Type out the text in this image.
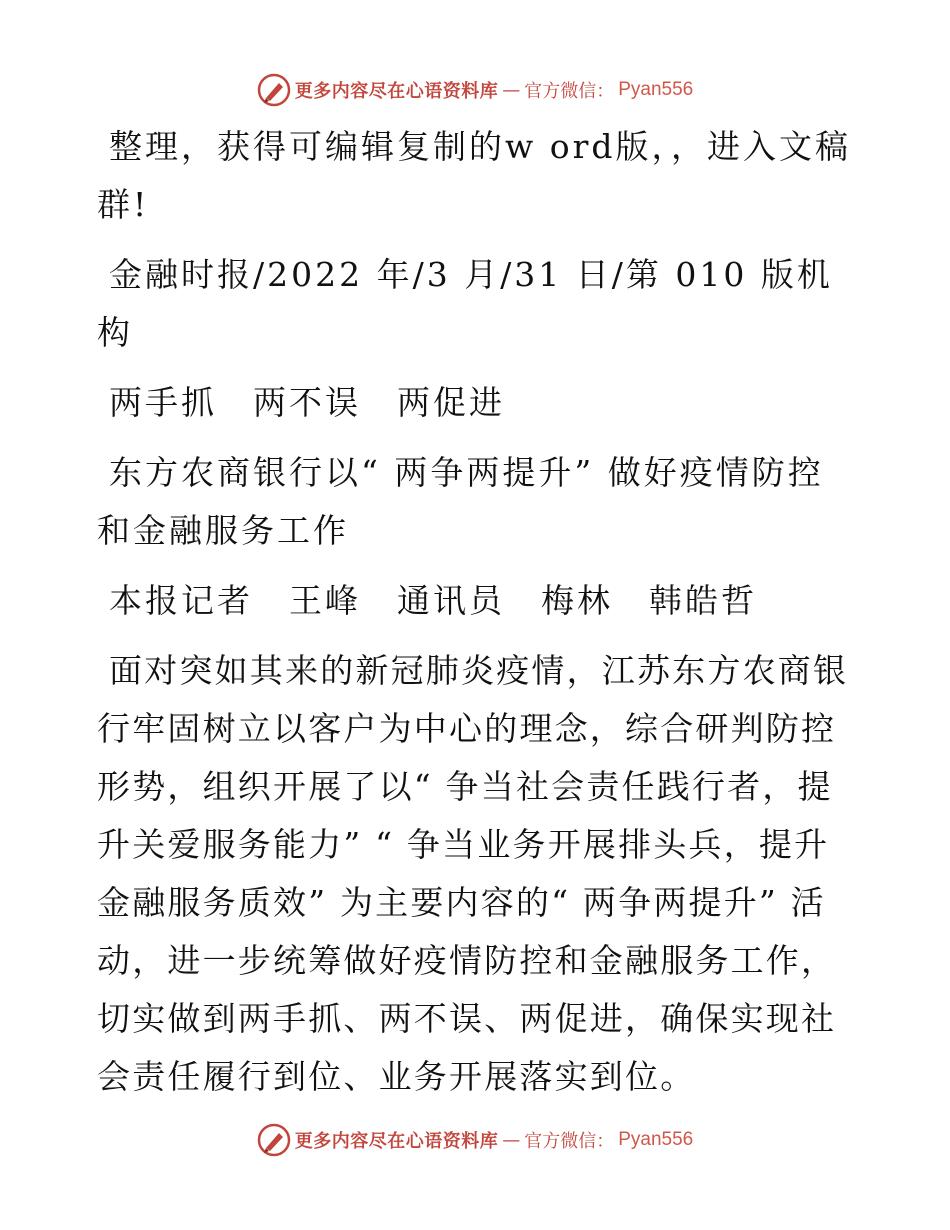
更多内容尽在心语资料库 — 官方微信： Pyan556

整理，获得可编辑复制的w ord版，，进入文稿群!

金融时报/2022 年/3 月/31 日/第 010 版机构

两手抓　两不误　两促进

东方农商银行以“ 两争两提升” 做好疫情防控和金融服务工作

本报记者　王峰　通讯员　梅林　韩皓哲

面对突如其来的新冠肺炎疫情，江苏东方农商银行牢固树立以客户为中心的理念，综合研判防控形势，组织开展了以“ 争当社会责任践行者，提升关爱服务能力” “ 争当业务开展排头兵，提升金融服务质效” 为主要内容的“ 两争两提升” 活动，进一步统筹做好疫情防控和金融服务工作，切实做到两手抓、两不误、两促进，确保实现社会责任履行到位、业务开展落实到位。

更多内容尽在心语资料库 — 官方微信： Pyan556
